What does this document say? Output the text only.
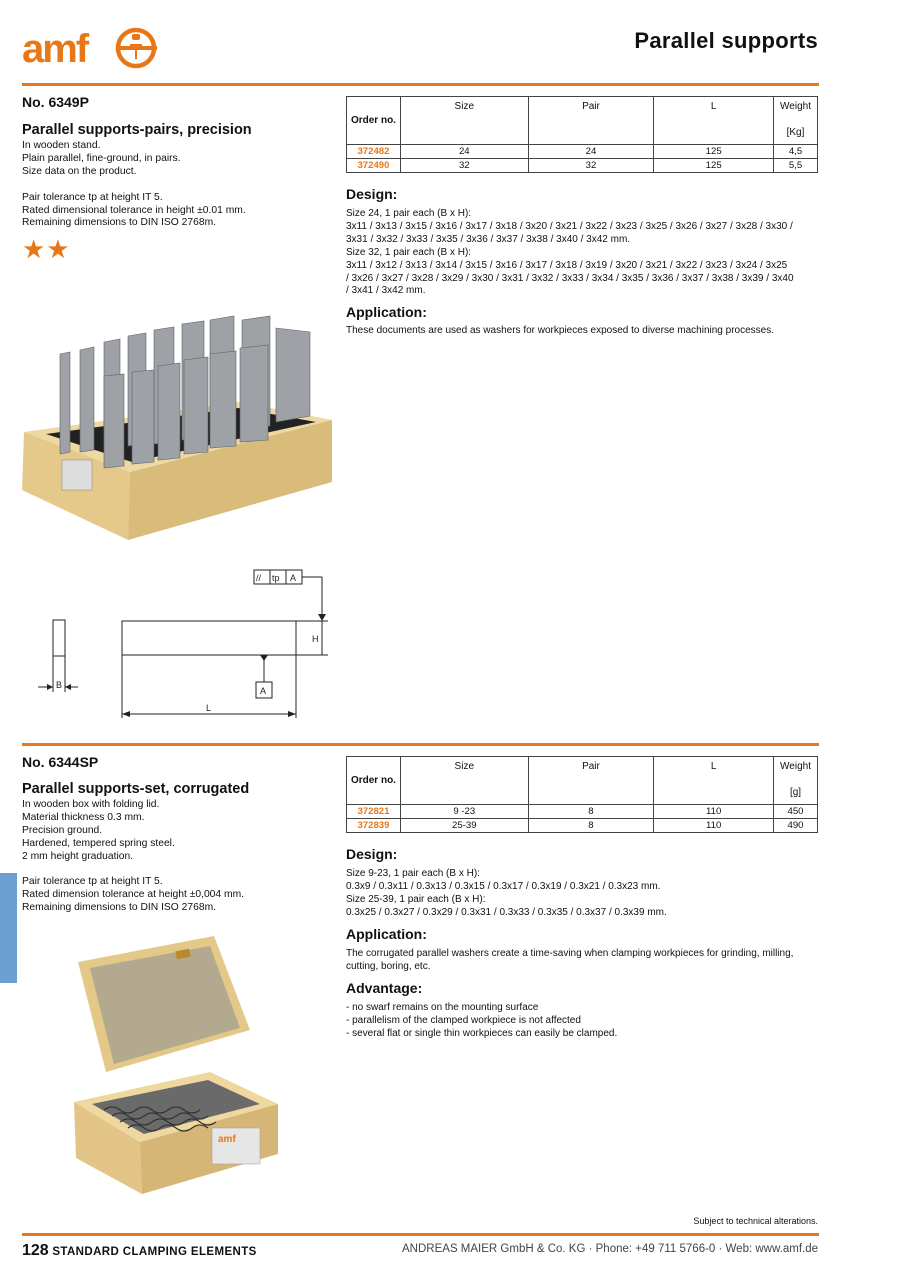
amf	Parallel supports
No. 6349P
Parallel supports-pairs, precision
In wooden stand.
Plain parallel, fine-ground, in pairs.
Size data on the product.
Pair tolerance tp at height IT 5.
Rated dimensional tolerance in height ±0.01 mm.
Remaining dimensions to DIN ISO 2768m.
★★
// tp A
A
H
B
L
Order no.	Size	Pair	L	Weight
[Kg]

372482	24	24	125	4,5
372490	32	32	125	5,5
Design:
Size 24, 1 pair each (B x H):
3x11 / 3x13 / 3x15 / 3x16 / 3x17 / 3x18 / 3x20 / 3x21 / 3x22 / 3x23 / 3x25 / 3x26 / 3x27 / 3x28 / 3x30 /
3x31 / 3x32 / 3x33 / 3x35 / 3x36 / 3x37 / 3x38 / 3x40 / 3x42 mm.
Size 32, 1 pair each (B x H):
3x11 / 3x12 / 3x13 / 3x14 / 3x15 / 3x16 / 3x17 / 3x18 / 3x19 / 3x20 / 3x21 / 3x22 / 3x23 / 3x24 / 3x25
/ 3x26 / 3x27 / 3x28 / 3x29 / 3x30 / 3x31 / 3x32 / 3x33 / 3x34 / 3x35 / 3x36 / 3x37 / 3x38 / 3x39 / 3x40
/ 3x41 / 3x42 mm.
Application:
These documents are used as washers for workpieces exposed to diverse machining processes.
No. 6344SP
Parallel supports-set, corrugated
In wooden box with folding lid.
Material thickness 0.3 mm.
Precision ground.
Hardened, tempered spring steel.
2 mm height graduation.
Pair tolerance tp at height IT 5.
Rated dimension tolerance at height ±0,004 mm.
Remaining dimensions to DIN ISO 2768m.
amf
Order no.	Size	Pair	L	Weight
[g]

372821	9 -23	8	110	450
372839	25-39	8	110	490
Design:
Size 9-23, 1 pair each (B x H):
0.3x9 / 0.3x11 / 0.3x13 / 0.3x15 / 0.3x17 / 0.3x19 / 0.3x21 / 0.3x23 mm.
Size 25-39, 1 pair each (B x H):
0.3x25 / 0.3x27 / 0.3x29 / 0.3x31 / 0.3x33 / 0.3x35 / 0.3x37 / 0.3x39 mm.
Application:
The corrugated parallel washers create a time-saving when clamping workpieces for grinding, milling,
cutting, boring, etc.
Advantage:
- no swarf remains on the mounting surface
- parallelism of the clamped workpiece is not affected
- several flat or single thin workpieces can easily be clamped.
Subject to technical alterations.
128 STANDARD CLAMPING ELEMENTS	ANDREAS MAIER GmbH & Co. KG · Phone: +49 711 5766-0 · Web: www.amf.de
